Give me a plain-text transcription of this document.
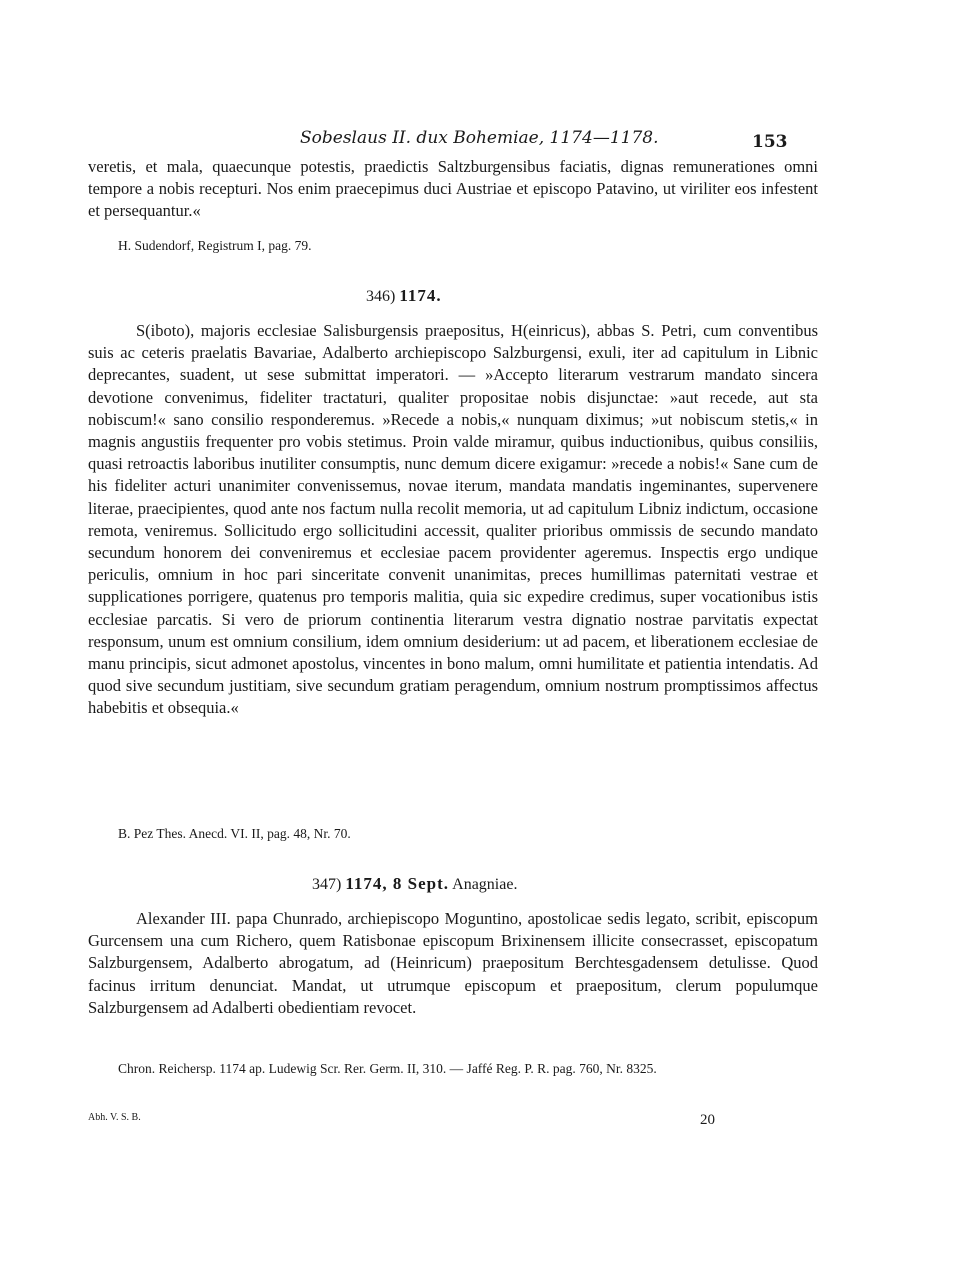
Sobeslaus II. dux Bohemiae, 1174—1178.	153
veretis, et mala, quaecunque potestis, praedictis Saltzburgensibus faciatis, dignas remunerationes omni tempore a nobis recepturi. Nos enim praecepimus duci Austriae et episcopo Patavino, ut viriliter eos infestent et persequantur.«
H. Sudendorf, Registrum I, pag. 79.
346) 1174.
S(iboto), majoris ecclesiae Salisburgensis praepositus, H(einricus), abbas S. Petri, cum conventibus suis ac ceteris praelatis Bavariae, Adalberto archiepiscopo Salzburgensi, exuli, iter ad capitulum in Libnic deprecantes, suadent, ut sese submittat imperatori. — »Accepto literarum vestrarum mandato sincera devotione convenimus, fideliter tractaturi, qualiter propositae nobis disjunctae: »aut recede, aut sta nobiscum!« sano consilio responderemus. »Recede a nobis,« nunquam diximus; »ut nobiscum stetis,« in magnis angustiis frequenter pro vobis stetimus. Proin valde miramur, quibus inductionibus, quibus consiliis, quasi retroactis laboribus inutiliter consumptis, nunc demum dicere exigamur: »recede a nobis!« Sane cum de his fideliter acturi unanimiter convenissemus, novae iterum, mandata mandatis ingeminantes, supervenere literae, praecipientes, quod ante nos factum nulla recolit memoria, ut ad capitulum Libniz indictum, occasione remota, veniremus. Sollicitudo ergo sollicitudini accessit, qualiter prioribus ommissis de secundo mandato secundum honorem dei conveniremus et ecclesiae pacem providenter ageremus. Inspectis ergo undique periculis, omnium in hoc pari sinceritate convenit unanimitas, preces humillimas paternitati vestrae et supplicationes porrigere, quatenus pro temporis malitia, quia sic expedire credimus, super vocationibus istis ecclesiae parcatis. Si vero de priorum continentia literarum vestra dignatio nostrae parvitatis expectat responsum, unum est omnium consilium, idem omnium desiderium: ut ad pacem, et liberationem ecclesiae de manu principis, sicut admonet apostolus, vincentes in bono malum, omni humilitate et patientia intendatis. Ad quod sive secundum justitiam, sive secundum gratiam peragendum, omnium nostrum promptissimos affectus habebitis et obsequia.«
B. Pez Thes. Anecd. VI. II, pag. 48, Nr. 70.
347) 1174, 8 Sept. Anagniae.
Alexander III. papa Chunrado, archiepiscopo Moguntino, apostolicae sedis legato, scribit, episcopum Gurcensem una cum Richero, quem Ratisbonae episcopum Brixinensem illicite consecrasset, episcopatum Salzburgensem, Adalberto abrogatum, ad (Heinricum) praepositum Berchtesgadensem detulisse. Quod facinus irritum denunciat. Mandat, ut utrumque episcopum et praepositum, clerum populumque Salzburgensem ad Adalberti obedientiam revocet.
Chron. Reichersp. 1174 ap. Ludewig Scr. Rer. Germ. II, 310. — Jaffé Reg. P. R. pag. 760, Nr. 8325.
Abh. V. S. B.	20
